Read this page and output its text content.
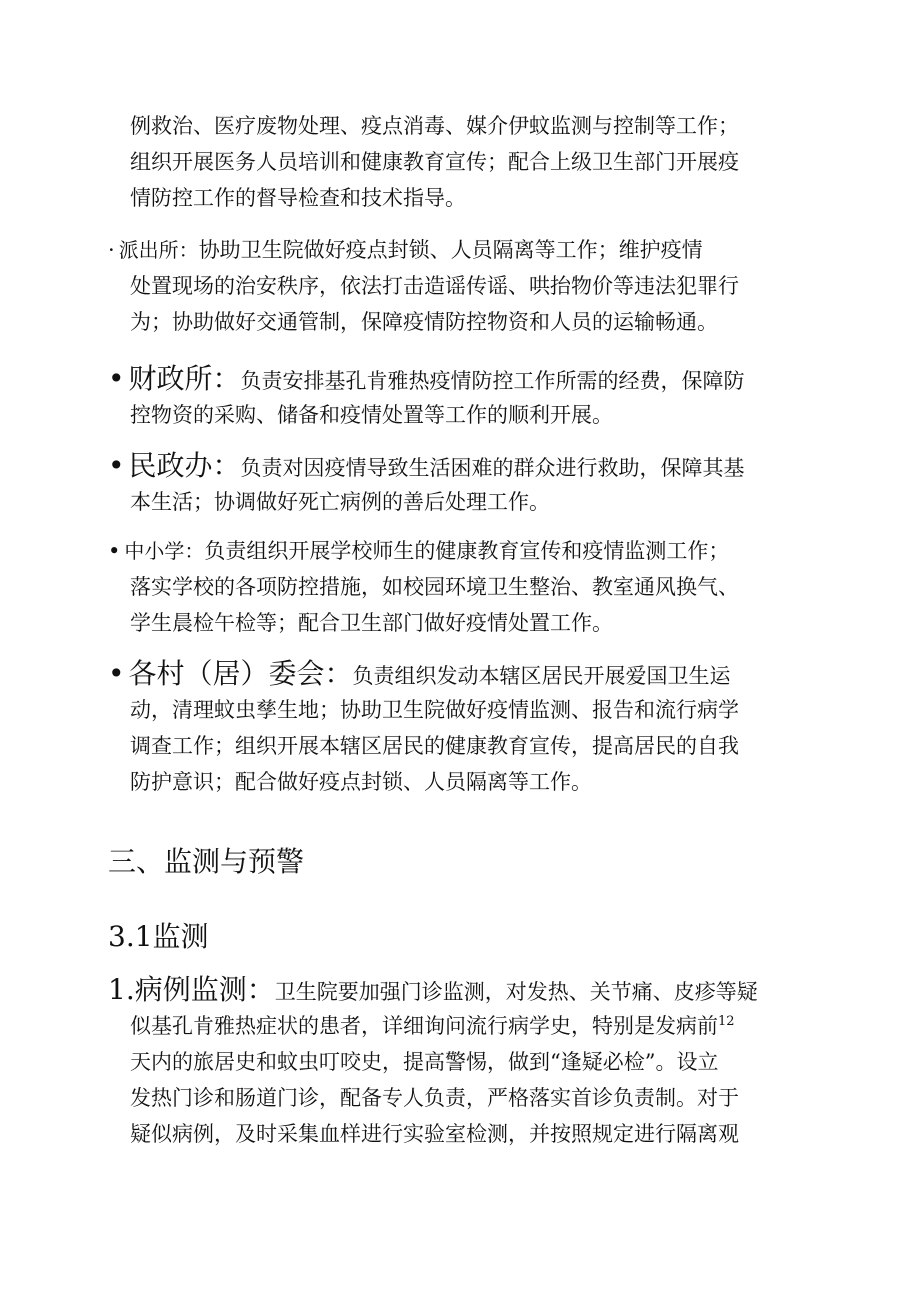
例救治、医疗废物处理、疫点消毒、媒介伊蚊监测与控制等工作；
组织开展医务人员培训和健康教育宣传；配合上级卫生部门开展疫
情防控工作的督导检查和技术指导。
· 派出所：协助卫生院做好疫点封锁、人员隔离等工作；维护疫情
处置现场的治安秩序，依法打击造谣传谣、哄抬物价等违法犯罪行
为；协助做好交通管制，保障疫情防控物资和人员的运输畅通。
• 财政所：负责安排基孔肯雅热疫情防控工作所需的经费，保障防
控物资的采购、储备和疫情处置等工作的顺利开展。
• 民政办：负责对因疫情导致生活困难的群众进行救助，保障其基
本生活；协调做好死亡病例的善后处理工作。
• 中小学：负责组织开展学校师生的健康教育宣传和疫情监测工作；
落实学校的各项防控措施，如校园环境卫生整治、教室通风换气、
学生晨检午检等；配合卫生部门做好疫情处置工作。
• 各村（居）委会：负责组织发动本辖区居民开展爱国卫生运
动，清理蚊虫孳生地；协助卫生院做好疫情监测、报告和流行病学
调查工作；组织开展本辖区居民的健康教育宣传，提高居民的自我
防护意识；配合做好疫点封锁、人员隔离等工作。
三、监测与预警
3.1监测
1.病例监测：卫生院要加强门诊监测，对发热、关节痛、皮疹等疑
似基孔肯雅热症状的患者，详细询问流行病学史，特别是发病前$^{12}$
天内的旅居史和蚊虫叮咬史，提高警惕，做到“逢疑必检”。设立
发热门诊和肠道门诊，配备专人负责，严格落实首诊负责制。对于
疑似病例，及时采集血样进行实验室检测，并按照规定进行隔离观
